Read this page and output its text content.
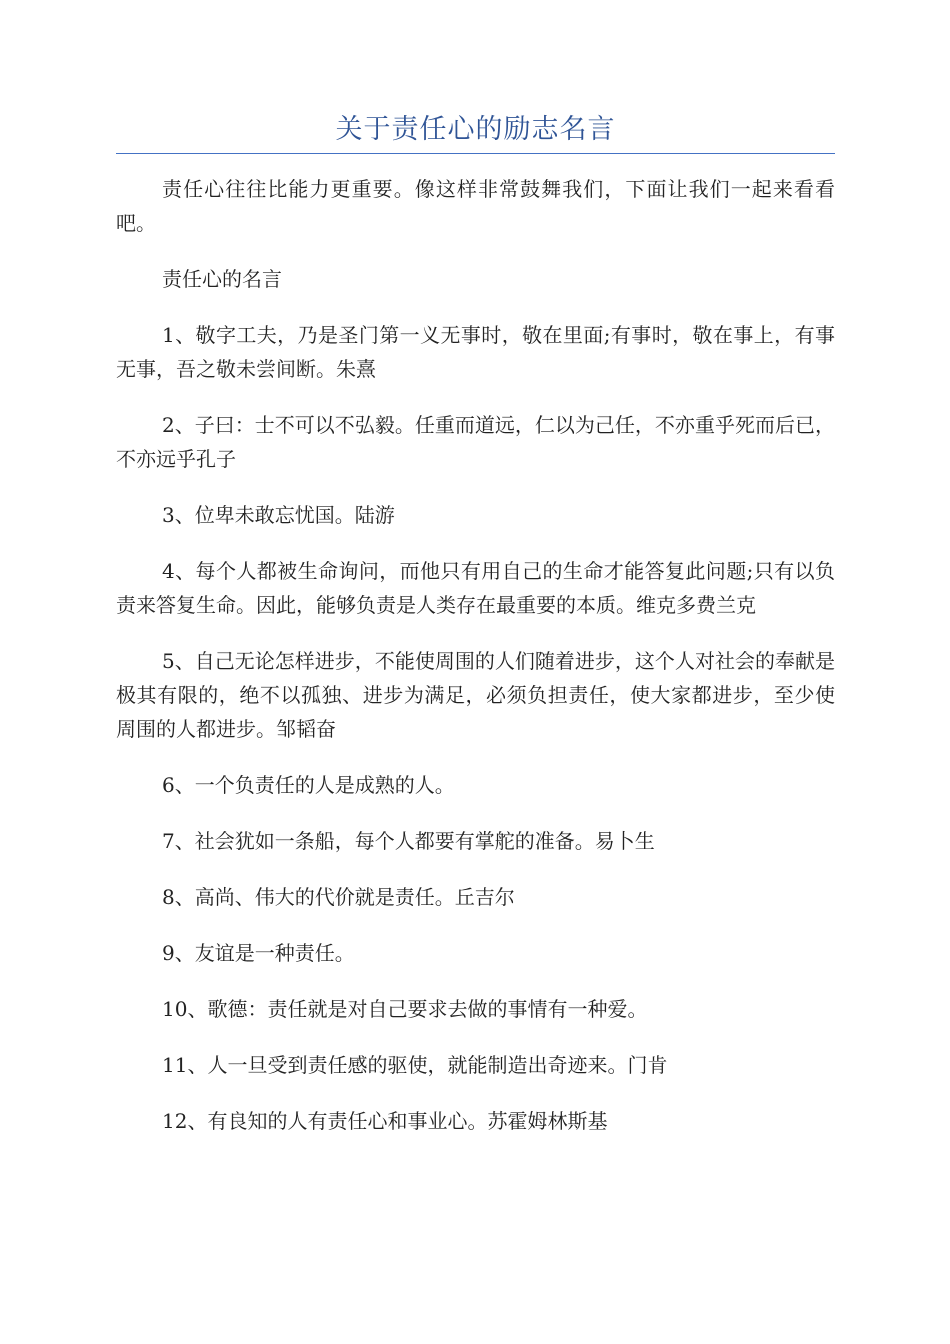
关于责任心的励志名言

责任心往往比能力更重要。像这样非常鼓舞我们，下面让我们一起来看看吧。

责任心的名言

1、敬字工夫，乃是圣门第一义无事时，敬在里面;有事时，敬在事上，有事无事，吾之敬未尝间断。朱熹

2、子曰：士不可以不弘毅。任重而道远，仁以为己任，不亦重乎死而后已，不亦远乎孔子

3、位卑未敢忘忧国。陆游

4、每个人都被生命询问，而他只有用自己的生命才能答复此问题;只有以负责来答复生命。因此，能够负责是人类存在最重要的本质。维克多费兰克

5、自己无论怎样进步，不能使周围的人们随着进步，这个人对社会的奉献是极其有限的，绝不以孤独、进步为满足，必须负担责任，使大家都进步，至少使周围的人都进步。邹韬奋

6、一个负责任的人是成熟的人。

7、社会犹如一条船，每个人都要有掌舵的准备。易卜生

8、高尚、伟大的代价就是责任。丘吉尔

9、友谊是一种责任。

10、歌德：责任就是对自己要求去做的事情有一种爱。

11、人一旦受到责任感的驱使，就能制造出奇迹来。门肯

12、有良知的人有责任心和事业心。苏霍姆林斯基
